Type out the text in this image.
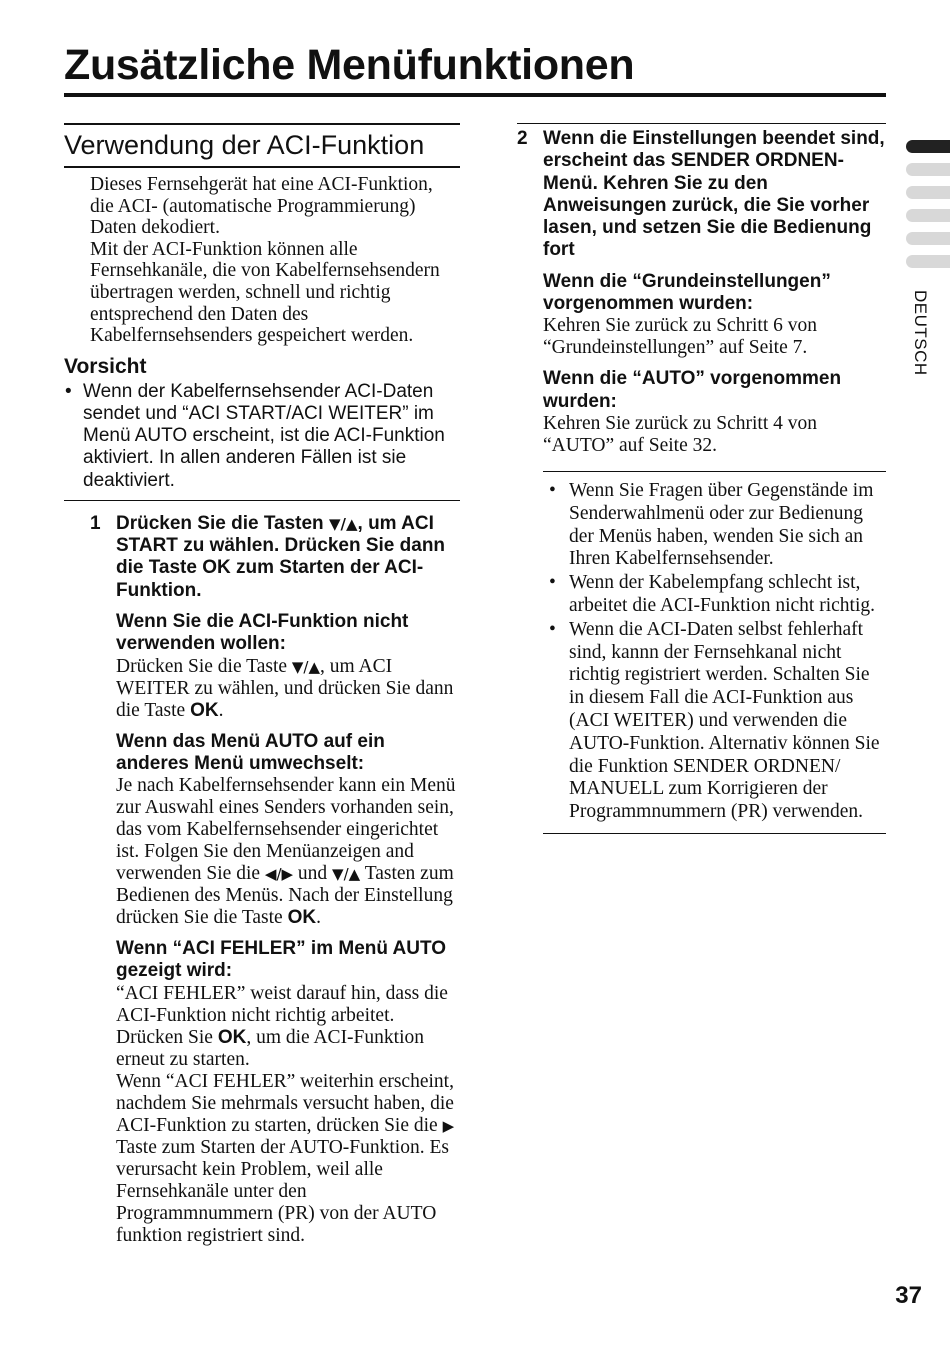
Zusätzliche Menüfunktionen
DEUTSCH
Verwendung der ACI-Funktion

Dieses Fernsehgerät hat eine ACI-Funktion, die ACI- (automatische Programmierung) Daten dekodiert.

Mit der ACI-Funktion können alle Fernsehkanäle, die von Kabelfernsehsendern übertragen werden, schnell und richtig entsprechend den Daten des Kabelfernsehsenders gespeichert werden.

Vorsicht
• Wenn der Kabelfernsehsender ACI-Daten sendet und “ACI START/ACI WEITER” im Menü AUTO erscheint, ist die ACI-Funktion aktiviert. In allen anderen Fällen ist sie deaktiviert.
1 Drücken Sie die Tasten ▼/▲, um ACI START zu wählen. Drücken Sie dann die Taste OK zum Starten der ACI-Funktion.

Wenn Sie die ACI-Funktion nicht verwenden wollen:

Drücken Sie die Taste ▼/▲, um ACI WEITER zu wählen, und drücken Sie dann die Taste OK.

Wenn das Menü AUTO auf ein anderes Menü umwechselt:

Je nach Kabelfernsehsender kann ein Menü zur Auswahl eines Senders vorhanden sein, das vom Kabelfernsehsender eingerichtet ist. Folgen Sie den Menüanzeigen and verwenden Sie die ◀/▶ und ▼/▲ Tasten zum Bedienen des Menüs. Nach der Einstellung drücken Sie die Taste OK.

Wenn “ACI FEHLER” im Menü AUTO gezeigt wird:

“ACI FEHLER” weist darauf hin, dass die ACI-Funktion nicht richtig arbeitet. Drücken Sie OK, um die ACI-Funktion erneut zu starten.

Wenn “ACI FEHLER” weiterhin erscheint, nachdem Sie mehrmals versucht haben, die ACI-Funktion zu starten, drücken Sie die ▶ Taste zum Starten der AUTO-Funktion. Es verursacht kein Problem, weil alle Fernsehkanäle unter den Programmnummern (PR) von der AUTO funktion registriert sind.

2 Wenn die Einstellungen beendet sind, erscheint das SENDER ORDNEN-Menü. Kehren Sie zu den Anweisungen zurück, die Sie vorher lasen, und setzen Sie die Bedienung fort

Wenn die “Grundeinstellungen” vorgenommen wurden:

Kehren Sie zurück zu Schritt 6 von “Grundeinstellungen” auf Seite 7.

Wenn die “AUTO” vorgenommen wurden:

Kehren Sie zurück zu Schritt 4 von “AUTO” auf Seite 32.

• Wenn Sie Fragen über Gegenstände im Senderwahlmenü oder zur Bedienung der Menüs haben, wenden Sie sich an Ihren Kabelfernsehsender.
• Wenn der Kabelempfang schlecht ist, arbeitet die ACI-Funktion nicht richtig.
• Wenn die ACI-Daten selbst fehlerhaft sind, kannn der Fernsehkanal nicht richtig registriert werden. Schalten Sie in diesem Fall die ACI-Funktion aus (ACI WEITER) und verwenden die AUTO-Funktion. Alternativ können Sie die Funktion SENDER ORDNEN/ MANUELL zum Korrigieren der Programmnummern (PR) verwenden.
37
